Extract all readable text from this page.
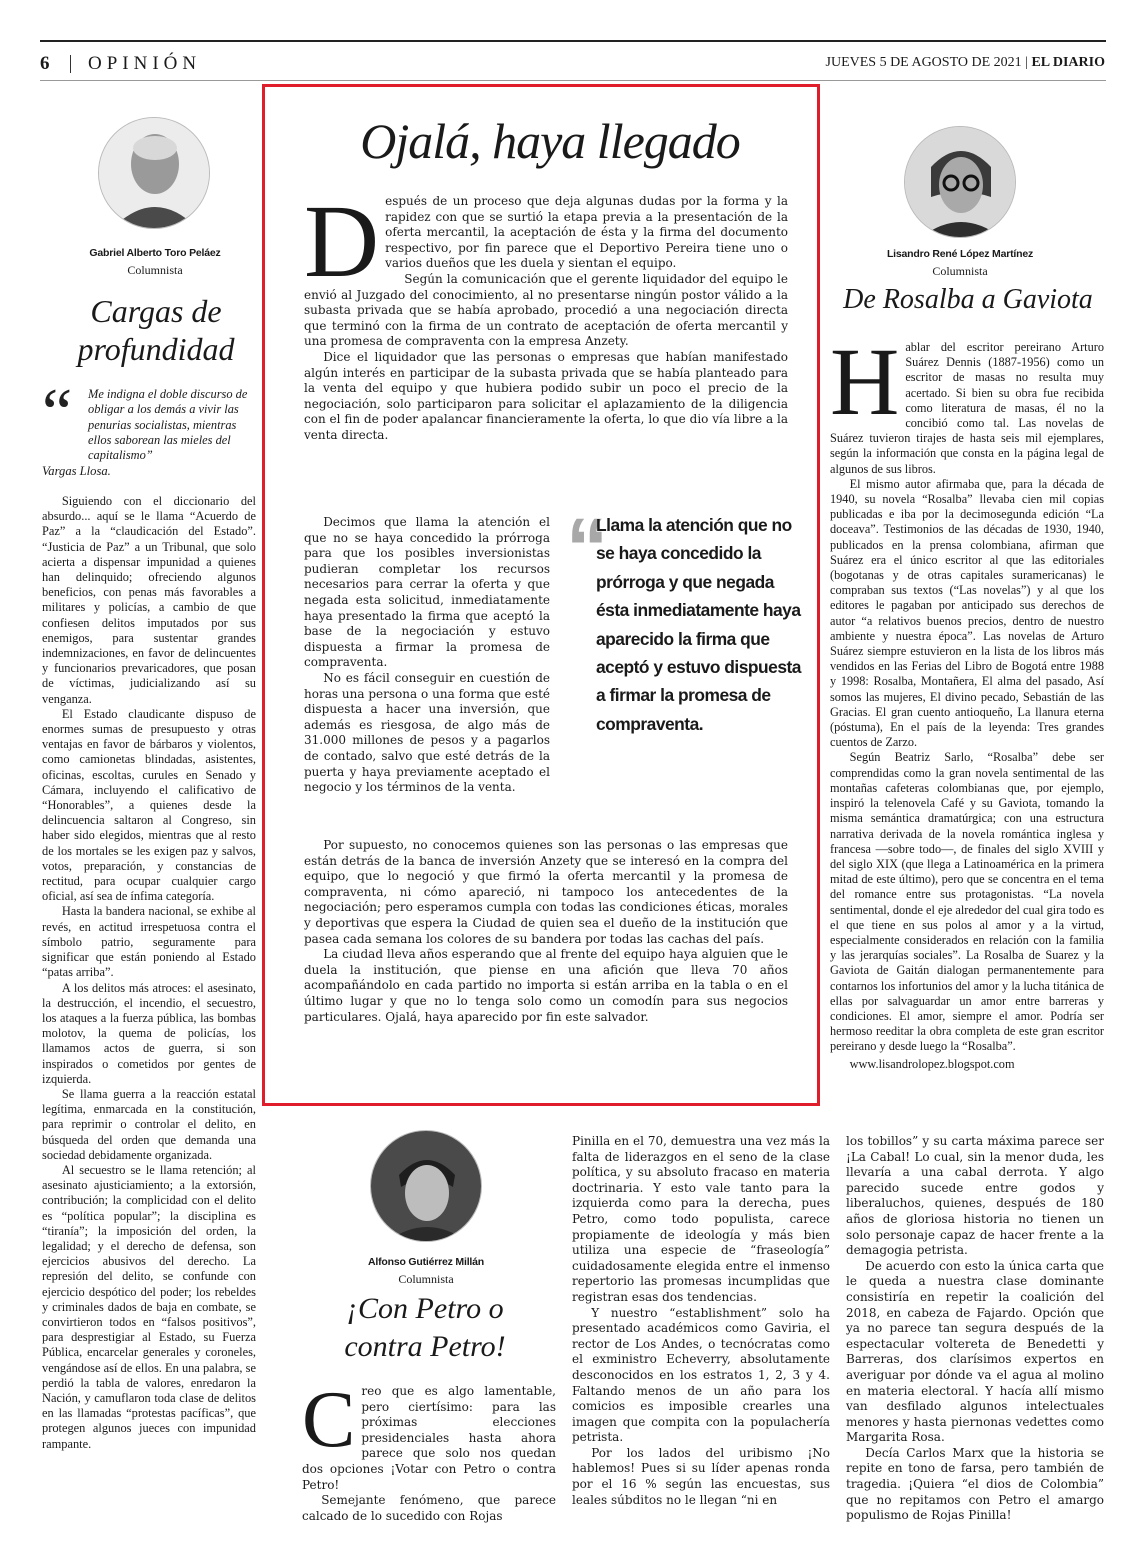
6 OPINIÓN	JUEVES 5 DE AGOSTO DE 2021 | EL DIARIO
Gabriel Alberto Toro Peláez
Columnista
Cargas de profundidad
“ Me indigna el doble discurso de obligar a los demás a vivir las penurias socialistas, mientras ellos saborean las mieles del capitalismo”
Vargas Llosa.

Siguiendo con el diccionario del absurdo... aquí se le llama “Acuerdo de Paz” a la “claudicación del Estado”. “Justicia de Paz” a un Tribunal, que solo acierta a dispensar impunidad a quienes han delinquido; ofreciendo algunos beneficios, con penas más favorables a militares y policías, a cambio de que confiesen delitos imputados por sus enemigos, para sustentar grandes indemnizaciones, en favor de delincuentes y funcionarios prevaricadores, que posan de víctimas, judicializando así su venganza.

El Estado claudicante dispuso de enormes sumas de presupuesto y otras ventajas en favor de bárbaros y violentos, como camionetas blindadas, asistentes, oficinas, escoltas, curules en Senado y Cámara, incluyendo el calificativo de “Honorables”, a quienes desde la delincuencia saltaron al Congreso, sin haber sido elegidos, mientras que al resto de los mortales se les exigen paz y salvos, votos, preparación, y constancias de rectitud, para ocupar cualquier cargo oficial, así sea de ínfima categoría.

Hasta la bandera nacional, se exhibe al revés, en actitud irrespetuosa contra el símbolo patrio, seguramente para significar que están poniendo al Estado “patas arriba”.

A los delitos más atroces: el asesinato, la destrucción, el incendio, el secuestro, los ataques a la fuerza pública, las bombas molotov, la quema de policías, los llamamos actos de guerra, si son inspirados o cometidos por gentes de izquierda.

Se llama guerra a la reacción estatal legítima, enmarcada en la constitución, para reprimir o controlar el delito, en búsqueda del orden que demanda una sociedad debidamente organizada.

Al secuestro se le llama retención; al asesinato ajusticiamiento; a la extorsión, contribución; la complicidad con el delito es “política popular”; la disciplina es “tiranía”; la imposición del orden, la legalidad; y el derecho de defensa, son ejercicios abusivos del derecho. La represión del delito, se confunde con ejercicio despótico del poder; los rebeldes y criminales dados de baja en combate, se convirtieron todos en “falsos positivos”, para desprestigiar al Estado, su Fuerza Pública, encarcelar generales y coroneles, vengándose así de ellos. En una palabra, se perdió la tabla de valores, enredaron la Nación, y camuflaron toda clase de delitos en las llamadas “protestas pacíficas”, que protegen algunos jueces con impunidad rampante.

Ojalá, haya llegado
D espués de un proceso que deja algunas dudas por la forma y la rapidez con que se surtió la etapa previa a la presentación de la oferta mercantil, la aceptación de ésta y la firma del documento respectivo, por fin parece que el Deportivo Pereira tiene uno o varios dueños que les duela y sientan el equipo.

Según la comunicación que el gerente liquidador del equipo le envió al Juzgado del conocimiento, al no presentarse ningún postor válido a la subasta privada que se había aprobado, procedió a una negociación directa que terminó con la firma de un contrato de aceptación de oferta mercantil y una promesa de compraventa con la empresa Anzety.

Dice el liquidador que las personas o empresas que habían manifestado algún interés en participar de la subasta privada que se había planteado para la venta del equipo y que hubiera podido subir un poco el precio de la negociación, solo participaron para solicitar el aplazamiento de la diligencia con el fin de poder apalancar financieramente la oferta, lo que dio vía libre a la venta directa.

Decimos que llama la atención el que no se haya concedido la prórroga para que los posibles inversionistas pudieran completar los recursos necesarios para cerrar la oferta y que negada esta solicitud, inmediatamente haya presentado la firma que aceptó la base de la negociación y estuvo dispuesta a firmar la promesa de compraventa.

No es fácil conseguir en cuestión de horas una persona o una forma que esté dispuesta a hacer una inversión, que además es riesgosa, de algo más de 31.000 millones de pesos y a pagarlos de contado, salvo que esté detrás de la puerta y haya previamente aceptado el negocio y los términos de la venta.

“
Llama la atención que no se haya concedido la prórroga y que negada ésta inmediatamente haya aparecido la firma que aceptó y estuvo dispuesta a firmar la promesa de compraventa.

Por supuesto, no conocemos quienes son las personas o las empresas que están detrás de la banca de inversión Anzety que se interesó en la compra del equipo, que lo negoció y que firmó la oferta mercantil y la promesa de compraventa, ni cómo apareció, ni tampoco los antecedentes de la negociación; pero esperamos cumpla con todas las condiciones éticas, morales y deportivas que espera la Ciudad de quien sea el dueño de la institución que pasea cada semana los colores de su bandera por todas las cachas del país.

La ciudad lleva años esperando que al frente del equipo haya alguien que le duela la institución, que piense en una afición que lleva 70 años acompañándolo en cada partido no importa si están arriba en la tabla o en el último lugar y que no lo tenga solo como un comodín para sus negocios particulares. Ojalá, haya aparecido por fin este salvador.

Lisandro René López Martínez
Columnista
De Rosalba a Gaviota
H ablar del escritor pereirano Arturo Suárez Dennis (1887-1956) como un escritor de masas no resulta muy acertado. Si bien su obra fue recibida como literatura de masas, él no la concibió como tal. Las novelas de Suárez tuvieron tirajes de hasta seis mil ejemplares, según la información que consta en la página legal de algunos de sus libros.

El mismo autor afirmaba que, para la década de 1940, su novela “Rosalba” llevaba cien mil copias publicadas e iba por la decimosegunda edición “La doceava”. Testimonios de las décadas de 1930, 1940, publicados en la prensa colombiana, afirman que Suárez era el único escritor al que las editoriales (bogotanas y de otras capitales suramericanas) le compraban sus textos (“Las novelas”) y al que los editores le pagaban por anticipado sus derechos de autor “a relativos buenos precios, dentro de nuestro ambiente y nuestra época”. Las novelas de Arturo Suárez siempre estuvieron en la lista de los libros más vendidos en las Ferias del Libro de Bogotá entre 1988 y 1998: Rosalba, Montañera, El alma del pasado, Así somos las mujeres, El divino pecado, Sebastián de las Gracias. El gran cuento antioqueño, La llanura eterna (póstuma), En el país de la leyenda: Tres grandes cuentos de Zarzo.

Según Beatriz Sarlo, “Rosalba” debe ser comprendidas como la gran novela sentimental de las montañas cafeteras colombianas que, por ejemplo, inspiró la telenovela Café y su Gaviota, tomando la misma semántica dramatúrgica; con una estructura narrativa derivada de la novela romántica inglesa y francesa —sobre todo—, de finales del siglo XVIII y del siglo XIX (que llega a Latinoamérica en la primera mitad de este último), pero que se concentra en el tema del romance entre sus protagonistas. “La novela sentimental, donde el eje alrededor del cual gira todo es el que tiene en sus polos al amor y a la virtud, especialmente considerados en relación con la familia y las jerarquías sociales”. La Rosalba de Suarez y la Gaviota de Gaitán dialogan permanentemente para contarnos los infortunios del amor y la lucha titánica de ellas por salvaguardar un amor entre barreras y condiciones. El amor, siempre el amor. Podría ser hermoso reeditar la obra completa de este gran escritor pereirano y desde luego la “Rosalba”.

www.lisandrolopez.blogspot.com

Alfonso Gutiérrez Millán
Columnista
¡Con Petro o
contra Petro!
C reo que es algo lamentable, pero ciertísimo: para las próximas elecciones presidenciales hasta ahora parece que solo nos quedan dos opciones ¡Votar con Petro o contra Petro!

Semejante fenómeno, que parece calcado de lo sucedido con Rojas

Pinilla en el 70, demuestra una vez más la falta de liderazgos en el seno de la clase política, y su absoluto fracaso en materia doctrinaria. Y esto vale tanto para la izquierda como para la derecha, pues Petro, como todo populista, carece propiamente de ideología y más bien utiliza una especie de “fraseología” cuidadosamente elegida entre el inmenso repertorio las promesas incumplidas que registran esas dos tendencias.

Y nuestro “establishment” solo ha presentado académicos como Gaviria, el rector de Los Andes, o tecnócratas como el exministro Echeverry, absolutamente desconocidos en los estratos 1, 2, 3 y 4. Faltando menos de un año para los comicios es imposible crearles una imagen que compita con la populachería petrista.

Por los lados del uribismo ¡No hablemos! Pues si su líder apenas ronda por el 16 % según las encuestas, sus leales súbditos no le llegan “ni en

los tobillos” y su carta máxima parece ser ¡La Cabal! Lo cual, sin la menor duda, les llevaría a una cabal derrota. Y algo parecido sucede entre godos y liberaluchos, quienes, después de 180 años de gloriosa historia no tienen un solo personaje capaz de hacer frente a la demagogia petrista.

De acuerdo con esto la única carta que le queda a nuestra clase dominante consistiría en repetir la coalición del 2018, en cabeza de Fajardo. Opción que ya no parece tan segura después de la espectacular voltereta de Benedetti y Barreras, dos clarísimos expertos en averiguar por dónde va el agua al molino en materia electoral. Y hacía allí mismo van desfilado algunos intelectuales menores y hasta piernonas vedettes como Margarita Rosa.

Decía Carlos Marx que la historia se repite en tono de farsa, pero también de tragedia. ¡Quiera “el dios de Colombia” que no repitamos con Petro el amargo populismo de Rojas Pinilla!
